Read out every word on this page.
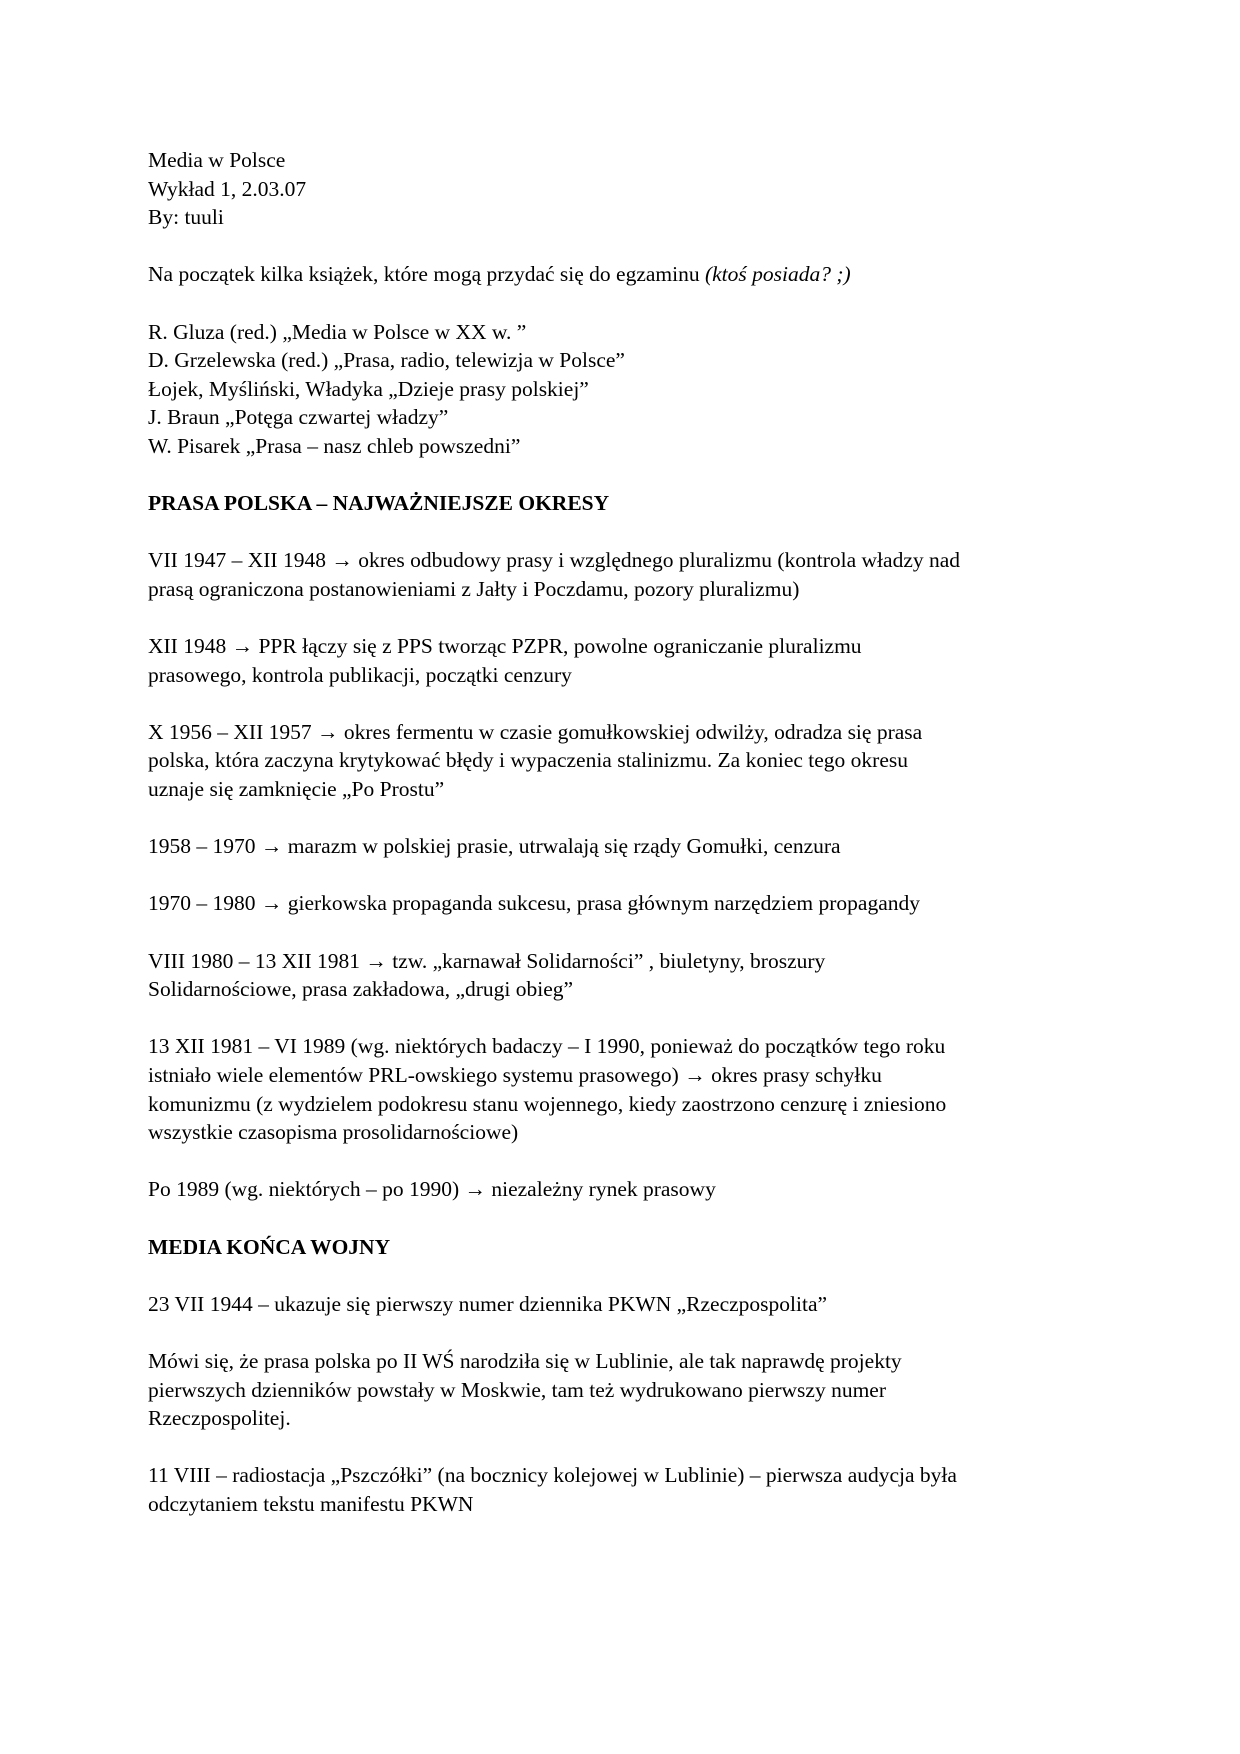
Media w Polsce

Wykład 1, 2.03.07

By: tuuli

Na początek kilka książek, które mogą przydać się do egzaminu (ktoś posiada? ;)

R. Gluza (red.) „Media w Polsce w XX w. ”

D. Grzelewska (red.) „Prasa, radio, telewizja w Polsce”

Łojek, Myśliński, Władyka „Dzieje prasy polskiej”

J. Braun „Potęga czwartej władzy”

W. Pisarek „Prasa – nasz chleb powszedni”

PRASA POLSKA – NAJWAŻNIEJSZE OKRESY

VII 1947 – XII 1948 → okres odbudowy prasy i względnego pluralizmu (kontrola władzy nad

prasą ograniczona postanowieniami z Jałty i Poczdamu, pozory pluralizmu)

XII 1948 → PPR łączy się z PPS tworząc PZPR, powolne ograniczanie pluralizmu

prasowego, kontrola publikacji, początki cenzury

X 1956 – XII 1957 → okres fermentu w czasie gomułkowskiej odwilży, odradza się prasa

polska, która zaczyna krytykować błędy i wypaczenia stalinizmu. Za koniec tego okresu

uznaje się zamknięcie „Po Prostu”

1958 – 1970 → marazm w polskiej prasie, utrwalają się rządy Gomułki, cenzura

1970 – 1980 → gierkowska propaganda sukcesu, prasa głównym narzędziem propagandy

VIII 1980 – 13 XII 1981 → tzw. „karnawał Solidarności” , biuletyny, broszury

Solidarnościowe, prasa zakładowa, „drugi obieg”

13 XII 1981 – VI 1989 (wg. niektórych badaczy – I 1990, ponieważ do początków tego roku

istniało wiele elementów PRL-owskiego systemu prasowego) → okres prasy schyłku

komunizmu (z wydzielem podokresu stanu wojennego, kiedy zaostrzono cenzurę i zniesiono

wszystkie czasopisma prosolidarnościowe)

Po 1989 (wg. niektórych – po 1990) → niezależny rynek prasowy

MEDIA KOŃCA WOJNY

23 VII 1944 – ukazuje się pierwszy numer dziennika PKWN „Rzeczpospolita”

Mówi się, że prasa polska po II WŚ narodziła się w Lublinie, ale tak naprawdę projekty

pierwszych dzienników powstały w Moskwie, tam też wydrukowano pierwszy numer

Rzeczpospolitej.

11 VIII – radiostacja „Pszczółki” (na bocznicy kolejowej w Lublinie) – pierwsza audycja była

odczytaniem tekstu manifestu PKWN
